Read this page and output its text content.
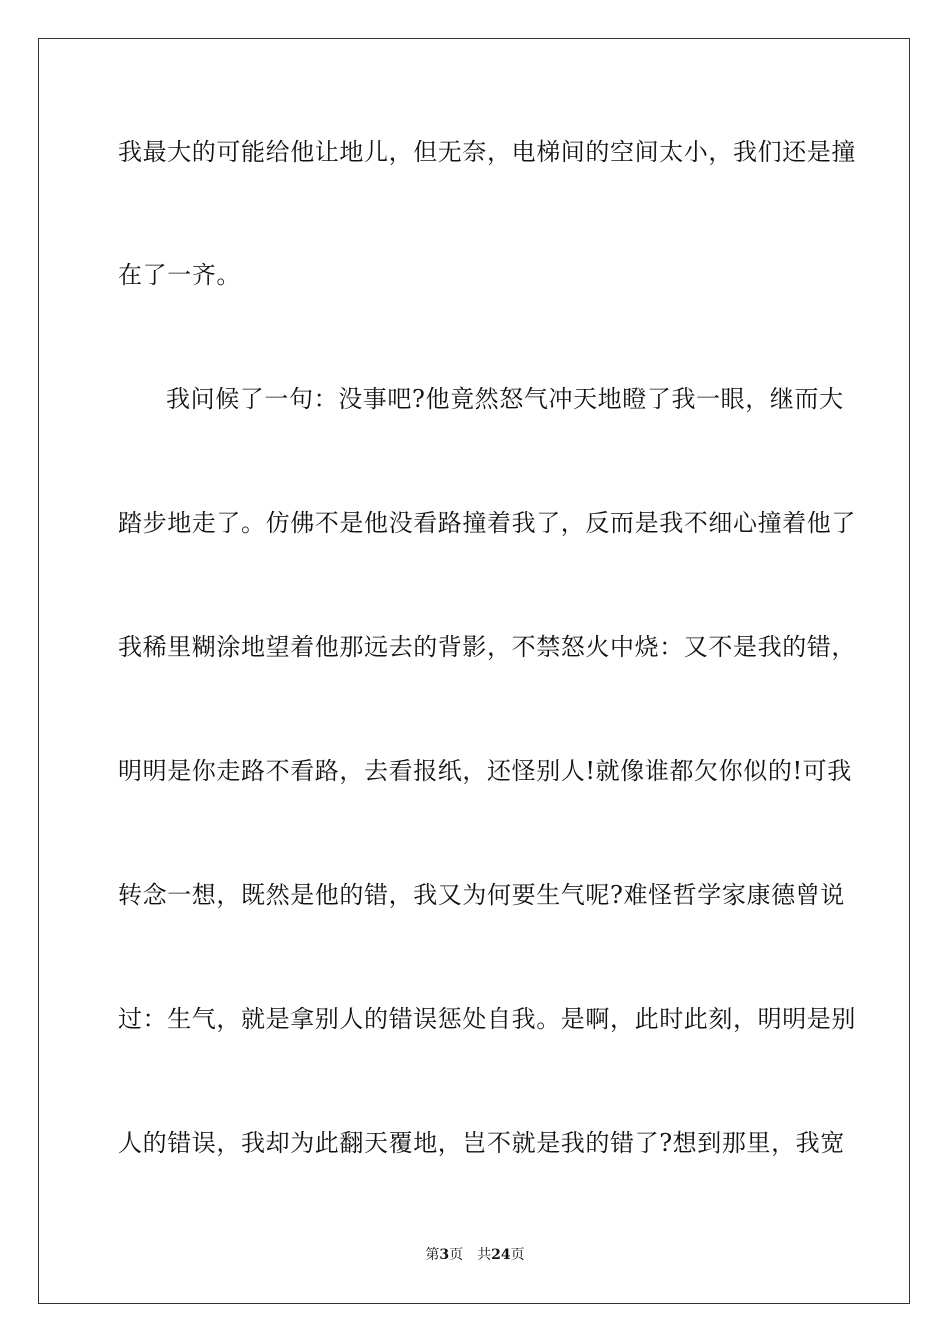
我最大的可能给他让地儿，但无奈，电梯间的空间太小，我们还是撞
在了一齐。
我问候了一句：没事吧?他竟然怒气冲天地瞪了我一眼，继而大
踏步地走了。仿佛不是他没看路撞着我了，反而是我不细心撞着他了
我稀里糊涂地望着他那远去的背影，不禁怒火中烧：又不是我的错，
明明是你走路不看路，去看报纸，还怪别人!就像谁都欠你似的!可我
转念一想，既然是他的错，我又为何要生气呢?难怪哲学家康德曾说
过：生气，就是拿别人的错误惩处自我。是啊，此时此刻，明明是别
人的错误，我却为此翻天覆地，岂不就是我的错了?想到那里，我宽
第3页 共24页
